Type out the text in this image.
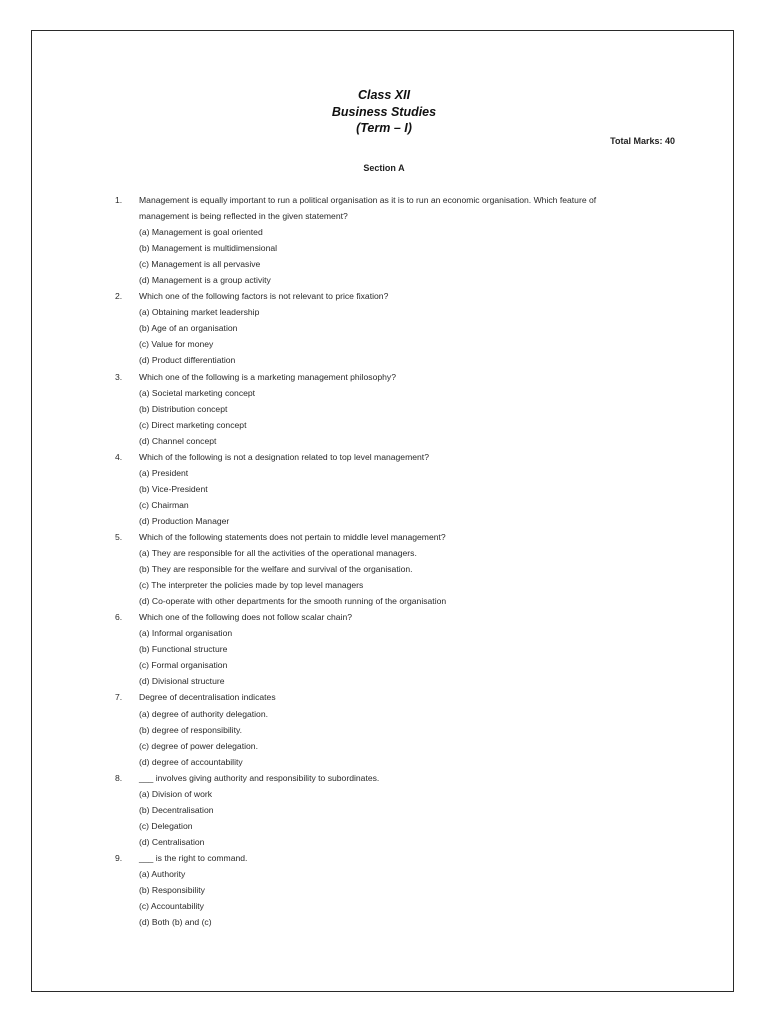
Class XII
Business Studies
(Term – I)
Total Marks: 40
Section A
1.	Management is equally important to run a political organisation as it is to run an economic organisation. Which feature of
management is being reflected in the given statement?
(a) Management is goal oriented
(b) Management is multidimensional
(c) Management is all pervasive
(d) Management is a group activity
2.	Which one of the following factors is not relevant to price fixation?
(a) Obtaining market leadership
(b) Age of an organisation
(c) Value for money
(d) Product differentiation
3.	Which one of the following is a marketing management philosophy?
(a) Societal marketing concept
(b) Distribution concept
(c) Direct marketing concept
(d) Channel concept
4.	Which of the following is not a designation related to top level management?
(a) President
(b) Vice-President
(c) Chairman
(d) Production Manager
5.	Which of the following statements does not pertain to middle level management?
(a) They are responsible for all the activities of the operational managers.
(b) They are responsible for the welfare and survival of the organisation.
(c) The interpreter the policies made by top level managers
(d) Co-operate with other departments for the smooth running of the organisation
6.	Which one of the following does not follow scalar chain?
(a) Informal organisation
(b) Functional structure
(c) Formal organisation
(d) Divisional structure
7.	Degree of decentralisation indicates
(a) degree of authority delegation.
(b) degree of responsibility.
(c) degree of power delegation.
(d) degree of accountability
8.	___ involves giving authority and responsibility to subordinates.
(a) Division of work
(b) Decentralisation
(c) Delegation
(d) Centralisation
9.	___ is the right to command.
(a) Authority
(b) Responsibility
(c) Accountability
(d) Both (b) and (c)
